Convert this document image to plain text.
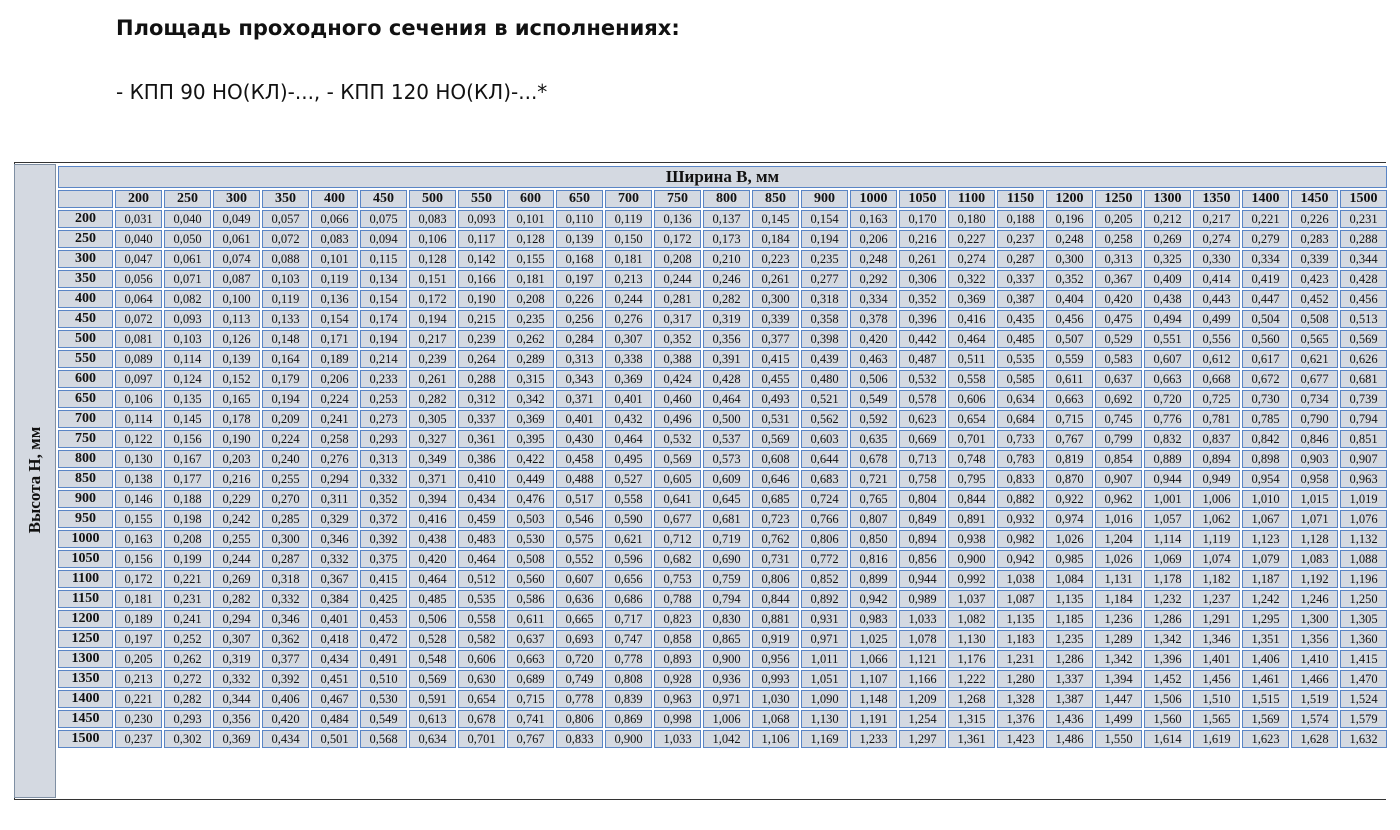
Площадь проходного сечения в исполнениях:
- КПП 90 НО(КЛ)-..., - КПП 120 НО(КЛ)-...*
Высота Н, мм
Ширина В, мм																										
	200	250	300	350	400	450	500	550	600	650	700	750	800	850	900	1000	1050	1100	1150	1200	1250	1300	1350	1400	1450	1500
200	0,031	0,040	0,049	0,057	0,066	0,075	0,083	0,093	0,101	0,110	0,119	0,136	0,137	0,145	0,154	0,163	0,170	0,180	0,188	0,196	0,205	0,212	0,217	0,221	0,226	0,231
250	0,040	0,050	0,061	0,072	0,083	0,094	0,106	0,117	0,128	0,139	0,150	0,172	0,173	0,184	0,194	0,206	0,216	0,227	0,237	0,248	0,258	0,269	0,274	0,279	0,283	0,288
300	0,047	0,061	0,074	0,088	0,101	0,115	0,128	0,142	0,155	0,168	0,181	0,208	0,210	0,223	0,235	0,248	0,261	0,274	0,287	0,300	0,313	0,325	0,330	0,334	0,339	0,344
350	0,056	0,071	0,087	0,103	0,119	0,134	0,151	0,166	0,181	0,197	0,213	0,244	0,246	0,261	0,277	0,292	0,306	0,322	0,337	0,352	0,367	0,409	0,414	0,419	0,423	0,428
400	0,064	0,082	0,100	0,119	0,136	0,154	0,172	0,190	0,208	0,226	0,244	0,281	0,282	0,300	0,318	0,334	0,352	0,369	0,387	0,404	0,420	0,438	0,443	0,447	0,452	0,456
450	0,072	0,093	0,113	0,133	0,154	0,174	0,194	0,215	0,235	0,256	0,276	0,317	0,319	0,339	0,358	0,378	0,396	0,416	0,435	0,456	0,475	0,494	0,499	0,504	0,508	0,513
500	0,081	0,103	0,126	0,148	0,171	0,194	0,217	0,239	0,262	0,284	0,307	0,352	0,356	0,377	0,398	0,420	0,442	0,464	0,485	0,507	0,529	0,551	0,556	0,560	0,565	0,569
550	0,089	0,114	0,139	0,164	0,189	0,214	0,239	0,264	0,289	0,313	0,338	0,388	0,391	0,415	0,439	0,463	0,487	0,511	0,535	0,559	0,583	0,607	0,612	0,617	0,621	0,626
600	0,097	0,124	0,152	0,179	0,206	0,233	0,261	0,288	0,315	0,343	0,369	0,424	0,428	0,455	0,480	0,506	0,532	0,558	0,585	0,611	0,637	0,663	0,668	0,672	0,677	0,681
650	0,106	0,135	0,165	0,194	0,224	0,253	0,282	0,312	0,342	0,371	0,401	0,460	0,464	0,493	0,521	0,549	0,578	0,606	0,634	0,663	0,692	0,720	0,725	0,730	0,734	0,739
700	0,114	0,145	0,178	0,209	0,241	0,273	0,305	0,337	0,369	0,401	0,432	0,496	0,500	0,531	0,562	0,592	0,623	0,654	0,684	0,715	0,745	0,776	0,781	0,785	0,790	0,794
750	0,122	0,156	0,190	0,224	0,258	0,293	0,327	0,361	0,395	0,430	0,464	0,532	0,537	0,569	0,603	0,635	0,669	0,701	0,733	0,767	0,799	0,832	0,837	0,842	0,846	0,851
800	0,130	0,167	0,203	0,240	0,276	0,313	0,349	0,386	0,422	0,458	0,495	0,569	0,573	0,608	0,644	0,678	0,713	0,748	0,783	0,819	0,854	0,889	0,894	0,898	0,903	0,907
850	0,138	0,177	0,216	0,255	0,294	0,332	0,371	0,410	0,449	0,488	0,527	0,605	0,609	0,646	0,683	0,721	0,758	0,795	0,833	0,870	0,907	0,944	0,949	0,954	0,958	0,963
900	0,146	0,188	0,229	0,270	0,311	0,352	0,394	0,434	0,476	0,517	0,558	0,641	0,645	0,685	0,724	0,765	0,804	0,844	0,882	0,922	0,962	1,001	1,006	1,010	1,015	1,019
950	0,155	0,198	0,242	0,285	0,329	0,372	0,416	0,459	0,503	0,546	0,590	0,677	0,681	0,723	0,766	0,807	0,849	0,891	0,932	0,974	1,016	1,057	1,062	1,067	1,071	1,076
1000	0,163	0,208	0,255	0,300	0,346	0,392	0,438	0,483	0,530	0,575	0,621	0,712	0,719	0,762	0,806	0,850	0,894	0,938	0,982	1,026	1,204	1,114	1,119	1,123	1,128	1,132
1050	0,156	0,199	0,244	0,287	0,332	0,375	0,420	0,464	0,508	0,552	0,596	0,682	0,690	0,731	0,772	0,816	0,856	0,900	0,942	0,985	1,026	1,069	1,074	1,079	1,083	1,088
1100	0,172	0,221	0,269	0,318	0,367	0,415	0,464	0,512	0,560	0,607	0,656	0,753	0,759	0,806	0,852	0,899	0,944	0,992	1,038	1,084	1,131	1,178	1,182	1,187	1,192	1,196
1150	0,181	0,231	0,282	0,332	0,384	0,425	0,485	0,535	0,586	0,636	0,686	0,788	0,794	0,844	0,892	0,942	0,989	1,037	1,087	1,135	1,184	1,232	1,237	1,242	1,246	1,250
1200	0,189	0,241	0,294	0,346	0,401	0,453	0,506	0,558	0,611	0,665	0,717	0,823	0,830	0,881	0,931	0,983	1,033	1,082	1,135	1,185	1,236	1,286	1,291	1,295	1,300	1,305
1250	0,197	0,252	0,307	0,362	0,418	0,472	0,528	0,582	0,637	0,693	0,747	0,858	0,865	0,919	0,971	1,025	1,078	1,130	1,183	1,235	1,289	1,342	1,346	1,351	1,356	1,360
1300	0,205	0,262	0,319	0,377	0,434	0,491	0,548	0,606	0,663	0,720	0,778	0,893	0,900	0,956	1,011	1,066	1,121	1,176	1,231	1,286	1,342	1,396	1,401	1,406	1,410	1,415
1350	0,213	0,272	0,332	0,392	0,451	0,510	0,569	0,630	0,689	0,749	0,808	0,928	0,936	0,993	1,051	1,107	1,166	1,222	1,280	1,337	1,394	1,452	1,456	1,461	1,466	1,470
1400	0,221	0,282	0,344	0,406	0,467	0,530	0,591	0,654	0,715	0,778	0,839	0,963	0,971	1,030	1,090	1,148	1,209	1,268	1,328	1,387	1,447	1,506	1,510	1,515	1,519	1,524
1450	0,230	0,293	0,356	0,420	0,484	0,549	0,613	0,678	0,741	0,806	0,869	0,998	1,006	1,068	1,130	1,191	1,254	1,315	1,376	1,436	1,499	1,560	1,565	1,569	1,574	1,579
1500	0,237	0,302	0,369	0,434	0,501	0,568	0,634	0,701	0,767	0,833	0,900	1,033	1,042	1,106	1,169	1,233	1,297	1,361	1,423	1,486	1,550	1,614	1,619	1,623	1,628	1,632
